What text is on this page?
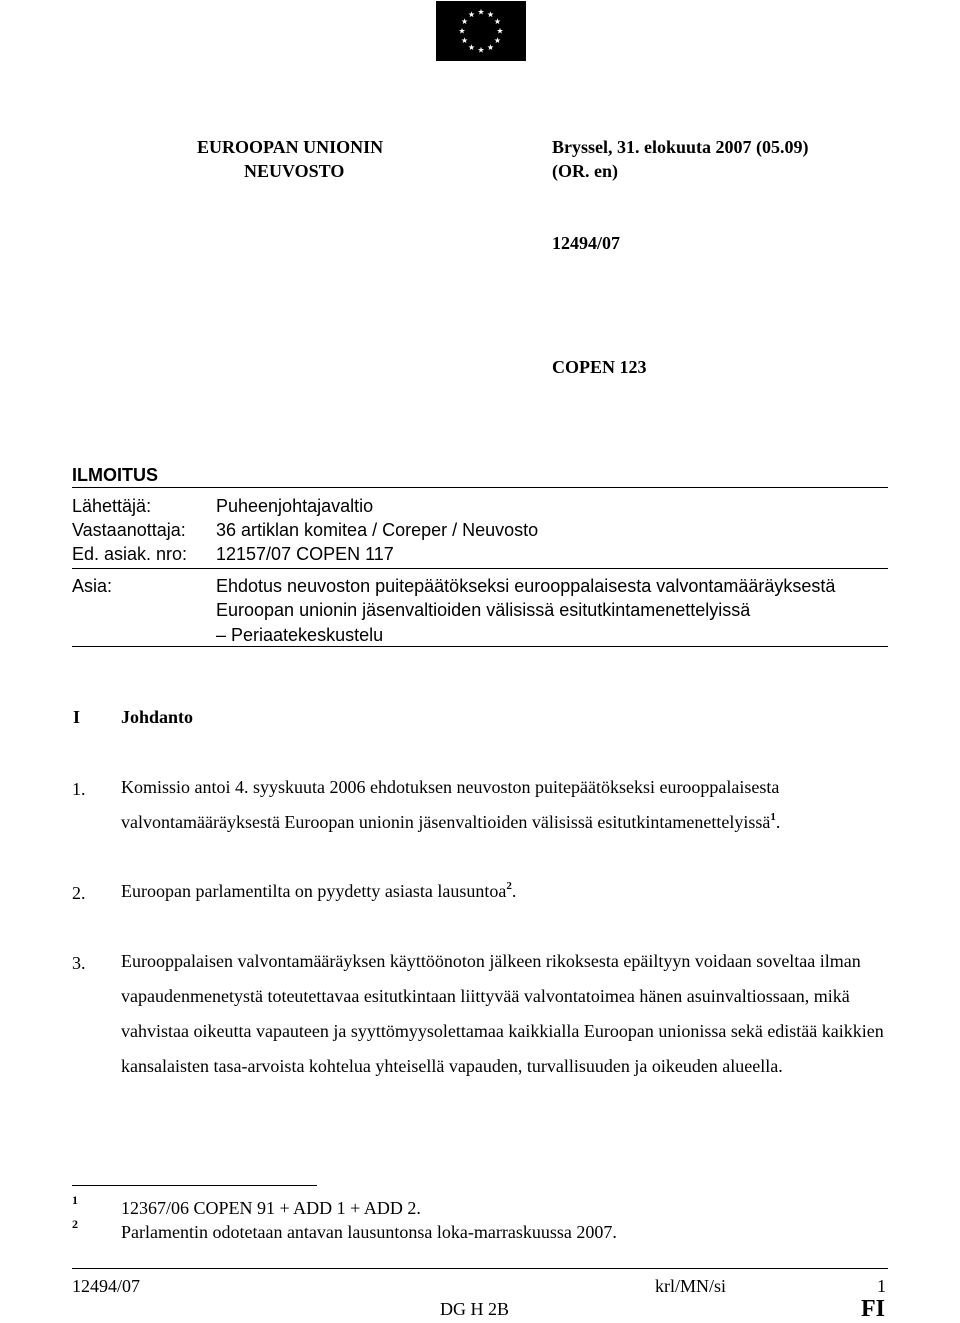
EUROOPAN UNIONIN
NEUVOSTO
Bryssel, 31. elokuuta 2007 (05.09)
(OR. en)
12494/07
COPEN 123
ILMOITUS
Lähettäjä:	Puheenjohtajavaltio
Vastaanottaja: 36 artiklan komitea / Coreper / Neuvosto
Ed. asiak. nro: 12157/07 COPEN 117
Asia:	Ehdotus neuvoston puitepäätökseksi eurooppalaisesta valvontamääräyksestä
Euroopan unionin jäsenvaltioiden välisissä esitutkintamenettelyissä
– Periaatekeskustelu
I Johdanto
1. Komissio antoi 4. syyskuuta 2006 ehdotuksen neuvoston puitepäätökseksi eurooppalaisesta valvontamääräyksestä Euroopan unionin jäsenvaltioiden välisissä esitutkintamenettelyissä$^1$.
2. Euroopan parlamentilta on pyydetty asiasta lausuntoa$^2$.
3. Eurooppalaisen valvontamääräyksen käyttöönoton jälkeen rikoksesta epäiltyyn voidaan soveltaa ilman vapaudenmenetystä toteutettavaa esitutkintaan liittyvää valvontatoimea hänen asuinvaltiossaan, mikä vahvistaa oikeutta vapauteen ja syyttömyysolettamaa kaikkialla Euroopan unionissa sekä edistää kaikkien kansalaisten tasa-arvoista kohtelua yhteisellä vapauden, turvallisuuden ja oikeuden alueella.
1 12367/06 COPEN 91 + ADD 1 + ADD 2.
2 Parlamentin odotetaan antavan lausuntonsa loka-marraskuussa 2007.
12494/07	krl/MN/si	1
DG H 2B	FI
